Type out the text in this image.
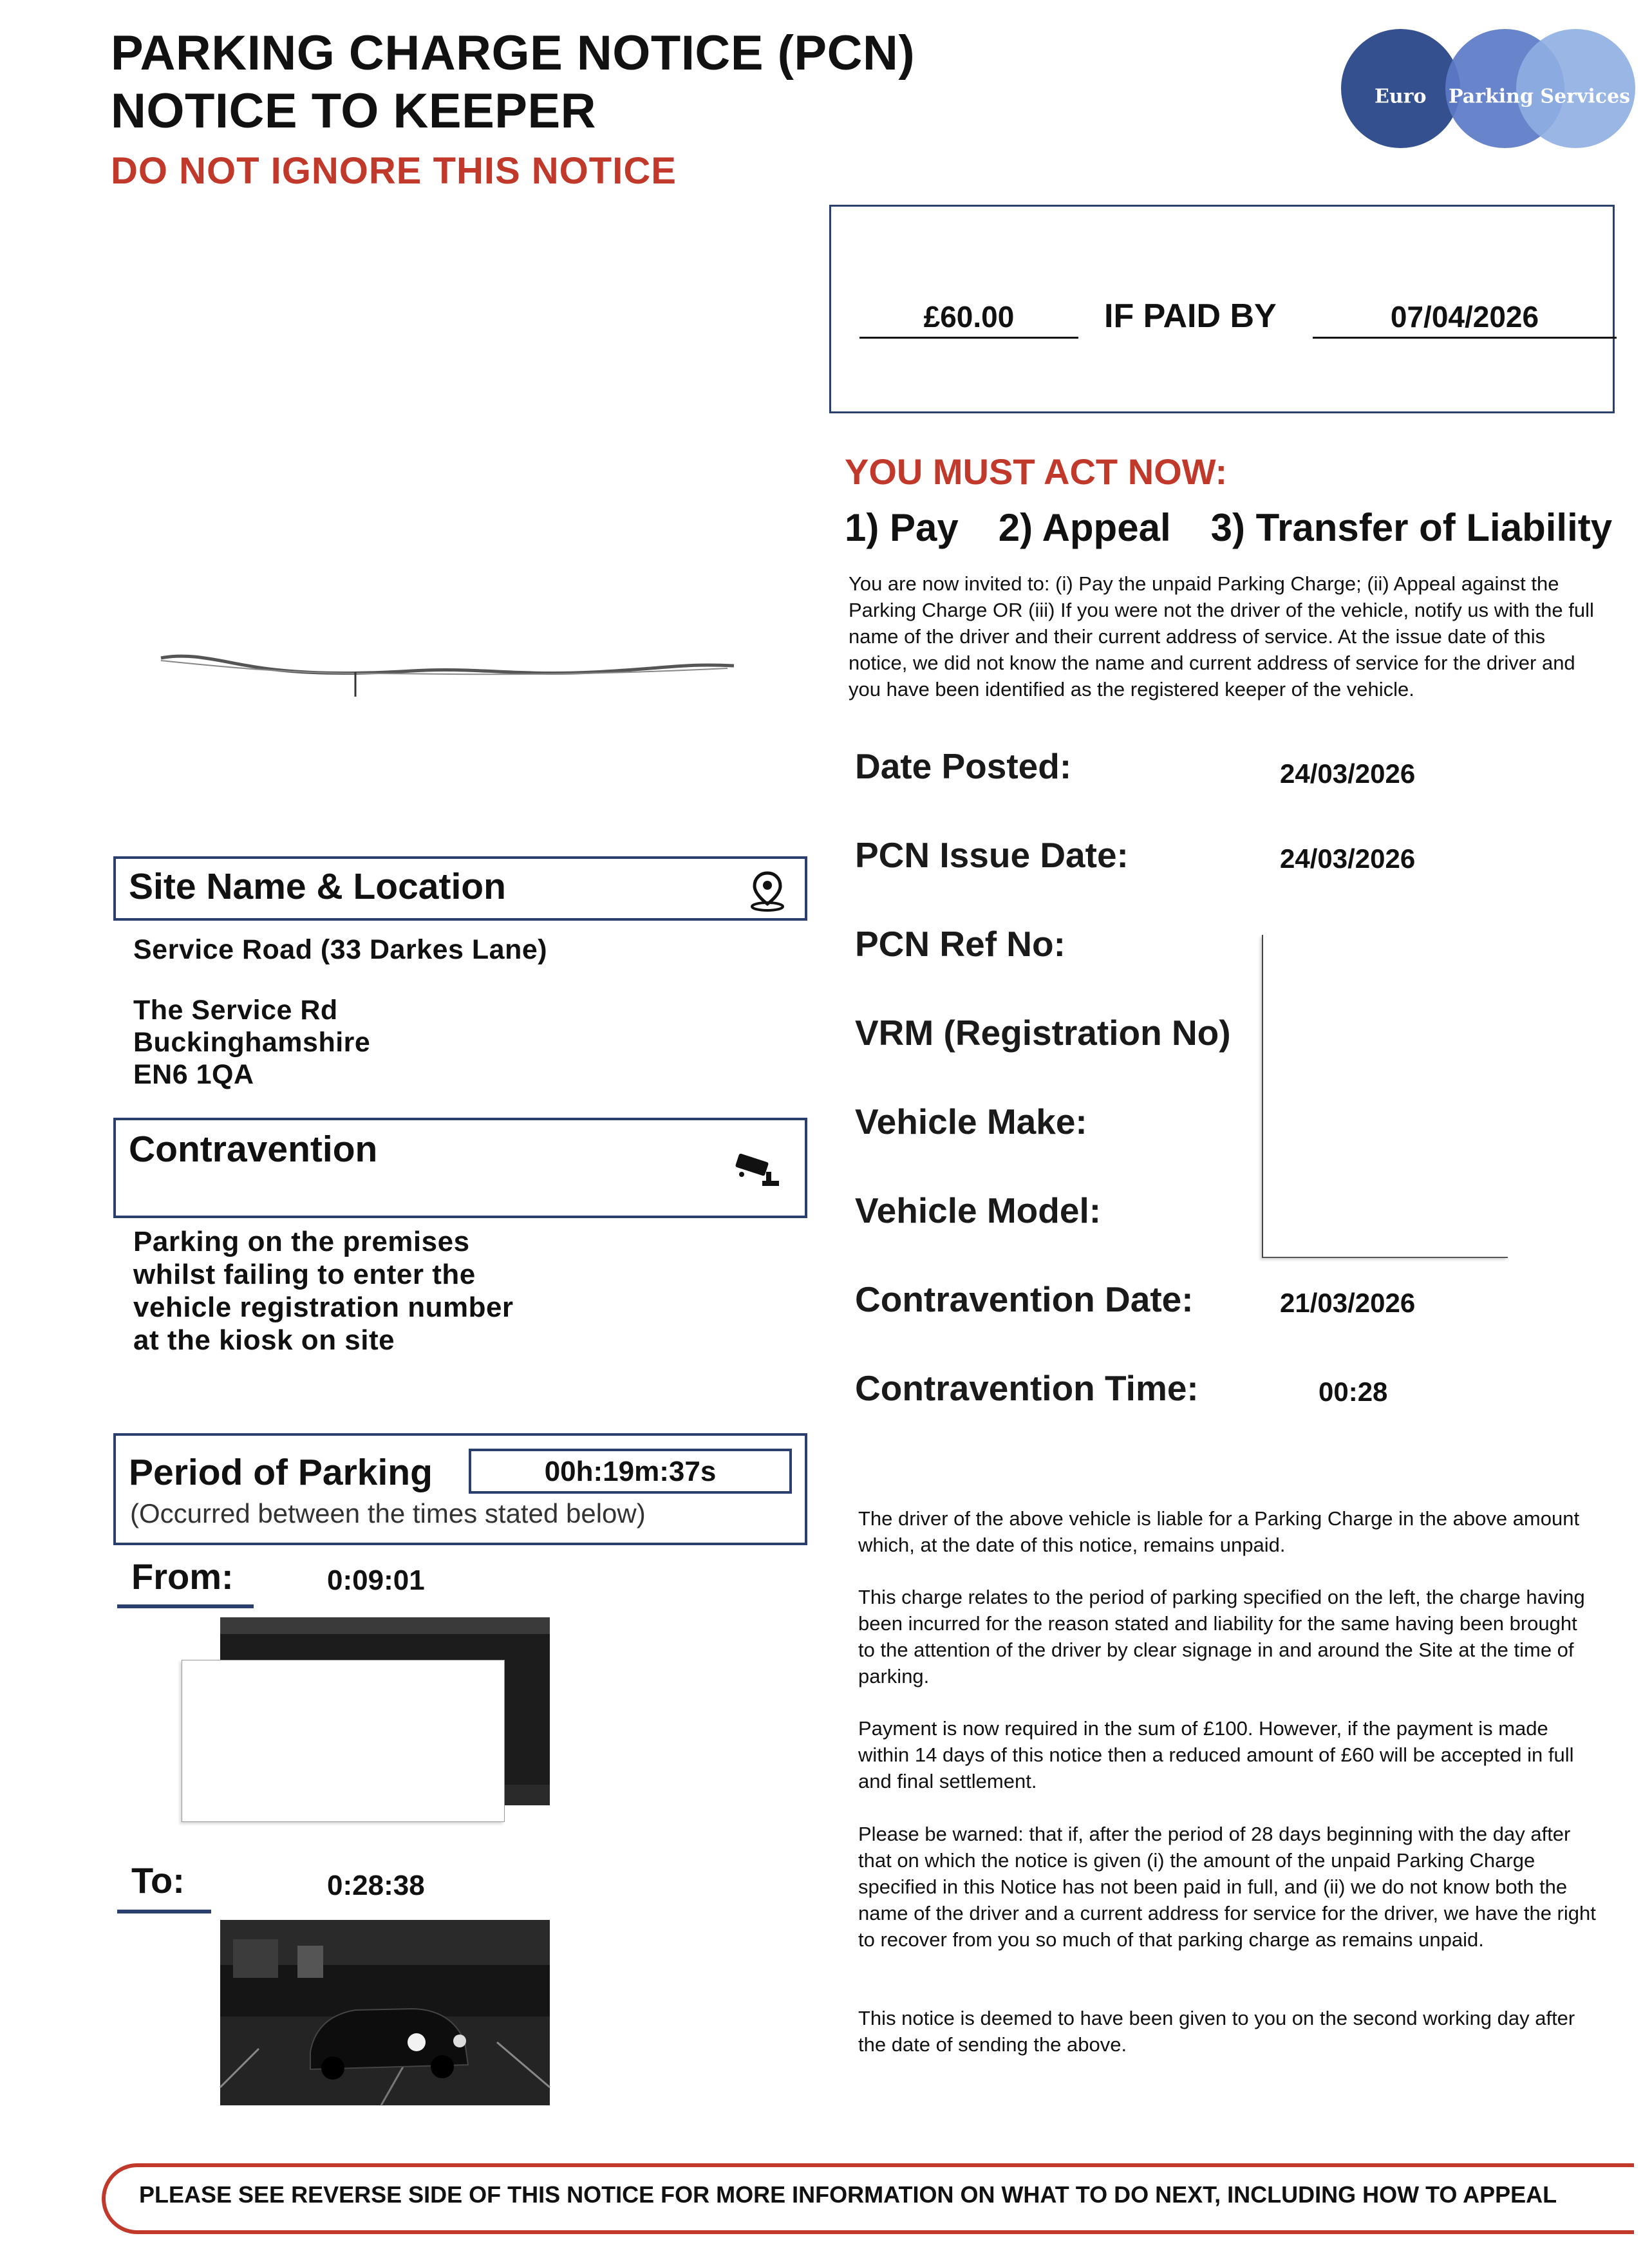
PARKING CHARGE NOTICE (PCN)
NOTICE TO KEEPER
DO NOT IGNORE THIS NOTICE
Euro Parking Services
£60.00	IF PAID BY	07/04/2026
YOU MUST ACT NOW:
1) Pay 2) Appeal 3) Transfer of Liability
You are now invited to: (i) Pay the unpaid Parking Charge; (ii) Appeal against the Parking Charge OR (iii) If you were not the driver of the vehicle, notify us with the full name of the driver and their current address of service. At the issue date of this notice, we did not know the name and current address of service for the driver and you have been identified as the registered keeper of the vehicle.
Date Posted:	24/03/2026
PCN Issue Date:	24/03/2026
PCN Ref No:
VRM (Registration No)
Vehicle Make:
Vehicle Model:
Contravention Date:	21/03/2026
Contravention Time:	00:28
Site Name & Location
Service Road (33 Darkes Lane)
The Service Rd
Buckinghamshire
EN6 1QA
Contravention
Parking on the premises
whilst failing to enter the
vehicle registration number
at the kiosk on site
Period of Parking	00h:19m:37s
(Occurred between the times stated below)
From:	0:09:01
To:	0:28:38
The driver of the above vehicle is liable for a Parking Charge in the above amount which, at the date of this notice, remains unpaid.
This charge relates to the period of parking specified on the left, the charge having been incurred for the reason stated and liability for the same having been brought to the attention of the driver by clear signage in and around the Site at the time of parking.
Payment is now required in the sum of £100. However, if the payment is made within 14 days of this notice then a reduced amount of £60 will be accepted in full and final settlement.
Please be warned: that if, after the period of 28 days beginning with the day after that on which the notice is given (i) the amount of the unpaid Parking Charge specified in this Notice has not been paid in full, and (ii) we do not know both the name of the driver and a current address for service for the driver, we have the right to recover from you so much of that parking charge as remains unpaid.
This notice is deemed to have been given to you on the second working day after the date of sending the above.
PLEASE SEE REVERSE SIDE OF THIS NOTICE FOR MORE INFORMATION ON WHAT TO DO NEXT, INCLUDING HOW TO APPEAL
